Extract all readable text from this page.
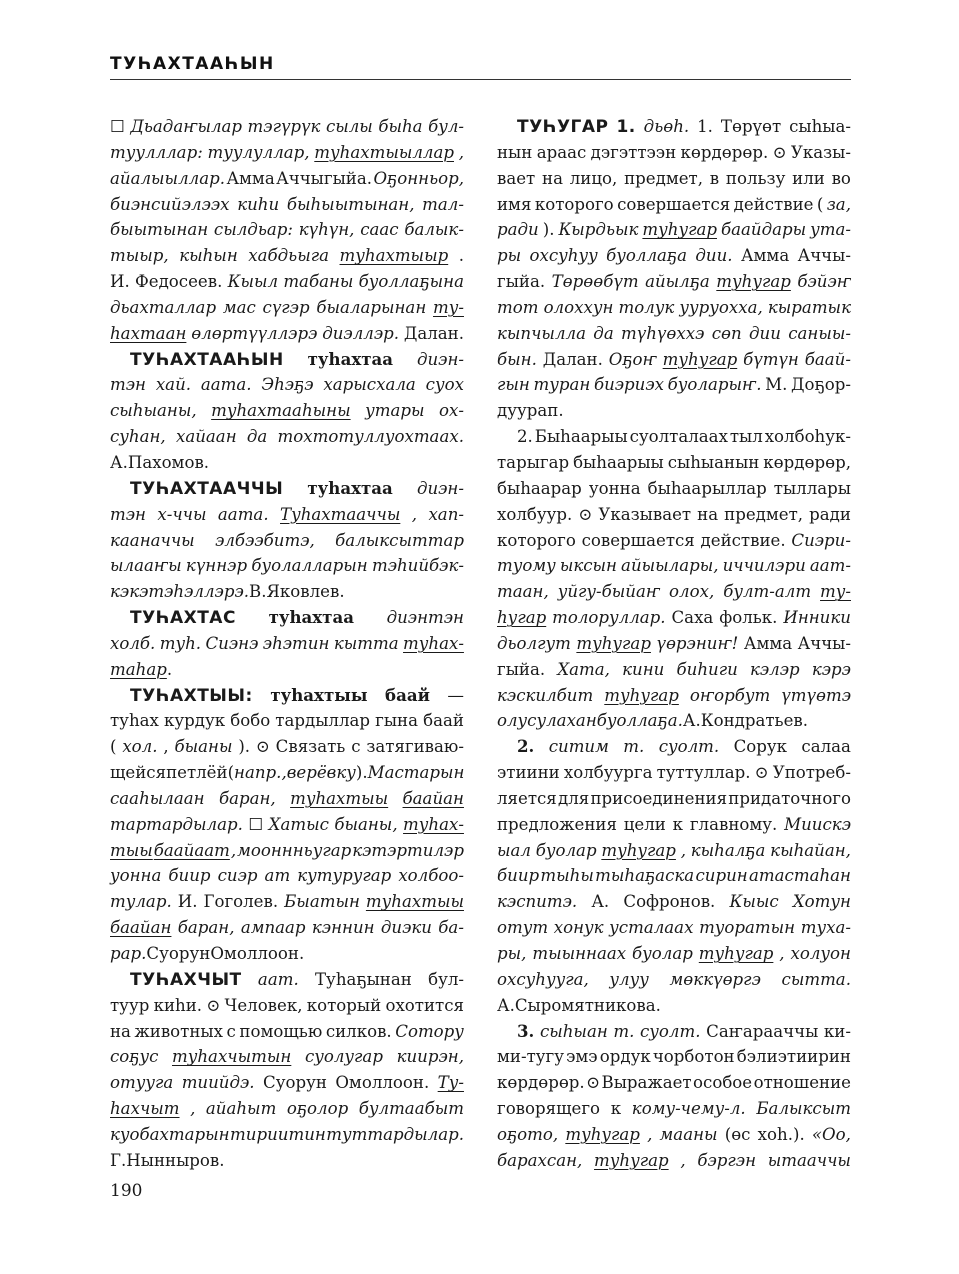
ТУҺАХТААҺЫН
☐ Дьадаҥылар тэгүрүк сылы быһа бул-
туулллар: туулуллар, туһахтыыллар ,
айалыыллар. Амма Аччыгыйа. Оҕонньор,
биэнсийэлээх киһи быһыытынан, тал-
быытынан сылдьар: күһүн, саас балык-
тыыр, кыһын хабдьыга туһахтыыр .
И. Федосеев. Кыыл табаны буоллаҕына
дьахталлар мас сүгэр быаларынан ту-
һахтаан өлөртүүллэрэ диэллэр. Далан.
ТУҺАХТААҺЫН туһахтаа диэн-
тэн хай. аата. Эһэҕэ харысхала суох
сыһыаны, туһахтааһыны утары ох-
суһан, хайаан да тохтотуллуохтаах.
А. Пахомов.
ТУҺАХТААЧЧЫ туһахтаа диэн-
тэн х-ччы аата. Туһахтааччы , хап-
кааначчы элбээбитэ, балыксыттар
ылааҥы күннэр буолалларын тэһийбэк-
кэ кэтэһэллэрэ. В. Яковлев.
ТУҺАХТАС туһахтаа диэнтэн
холб. туһ. Сиэнэ эһэтин кытта туһах-
таһар .
ТУҺАХТЫЫ: туһахтыы баай —
туһах курдук бобо тардыллар гына баай
( хол. , быаны ). ⊙ Связать с затягиваю-
щейся петлёй ( напр., верёвку ). Мастарын
сааһылаан баран, туһахтыы баайан
тартардылар. ☐ Хатыс быаны, туһах-
тыы баайаат , мооннньугар кэтэртилэр
уонна биир сиэр ат кутуругар холбоо-
тулар. И. Гоголев. Быатын туһахтыы
баайан баран, ампаар кэннин диэки ба-
рар. Суорун Омоллоон.
ТУҺАХЧЫТ аат. Туһаҕынан бул-
туур киһи. ⊙ Человек, который охотится
на животных с помощью силков. Сотору
соҕус туһахчытын суолугар киирэн,
отууга тиийдэ. Суорун Омоллоон. Ту-
һахчыт , айаһыт оҕолор бултаабыт
куобахтарын тириитин туттардылар.
Г. Нынныров.
ТУҺУГАР 1. дьөһ. 1. Төрүөт сыһыа-
нын араас дэгэттээн көрдөрөр. ⊙ Указы-
вает на лицо, предмет, в пользу или во
имя которого совершается действие ( за,
ради ). Кырдьык туһугар баайдары ута-
ры охсуһуу буоллаҕа дии. Амма Аччы-
гыйа. Төрөөбүт айылҕа туһугар бэйэҥ
тот олоххун толук ууруоххa, кыратык
кыпчылла да түһүөххэ сөп дии саныы-
бын. Далан. Оҕоҥ туһугар бүтүн баай-
гын туран биэриэх буоларыҥ. М. Доҕор-
дуурап.
2. Быһаарыы суолталаах тыл холбоһук-
тарыгар быһаарыы сыһыанын көрдөрөр,
быһаарар уонна быһаарыллар тыллары
холбуур. ⊙ Указывает на предмет, ради
которого совершается действие. Сиэри-
туому ыксын айыылары, иччилэри аат-
таан, уйгу-быйаҥ олох, булт-алт ту-
һугар толоруллар. Саха фольк. Инники
дьолгут туһугар үөрэниҥ! Амма Аччы-
гыйа. Хата, кини биһиги кэлэр кэрэ
кэскилбит туһугар оҥорбут үтүөтэ
олус улахан буоллаҕа. А. Кондратьев.
2. ситим т. суолт. Сорук салаа
этиини холбуурга туттуллар. ⊙ Употреб-
ляется для присоединения придаточного
предложения цели к главному. Миискэ
ыал буолар туһугар , кыһалҕа кыһайан,
биир тыһы тыһаҕаска сирин атастаһан
кэспитэ. А. Софронов. Кыыс Хотун
отут хонук усталаах туоратын туха-
ры, тыыннаах буолар туһугар , холуон
охсуһууга, улуу мөккүөргэ сытта.
А. Сыромятникова.
3. сыһыан т. суолт. Саҥарааччы ки-
ми-тугу эмэ ордук чорботон бэлиэтиирин
көрдөрөр. ⊙ Выражает особое отношение
говорящего к кому-чему-л. Балыксыт
оҕото, туһугар , мааны (өс хоһ.). «Оо,
барахсан, туһугар , бэргэн ытааччы
190
